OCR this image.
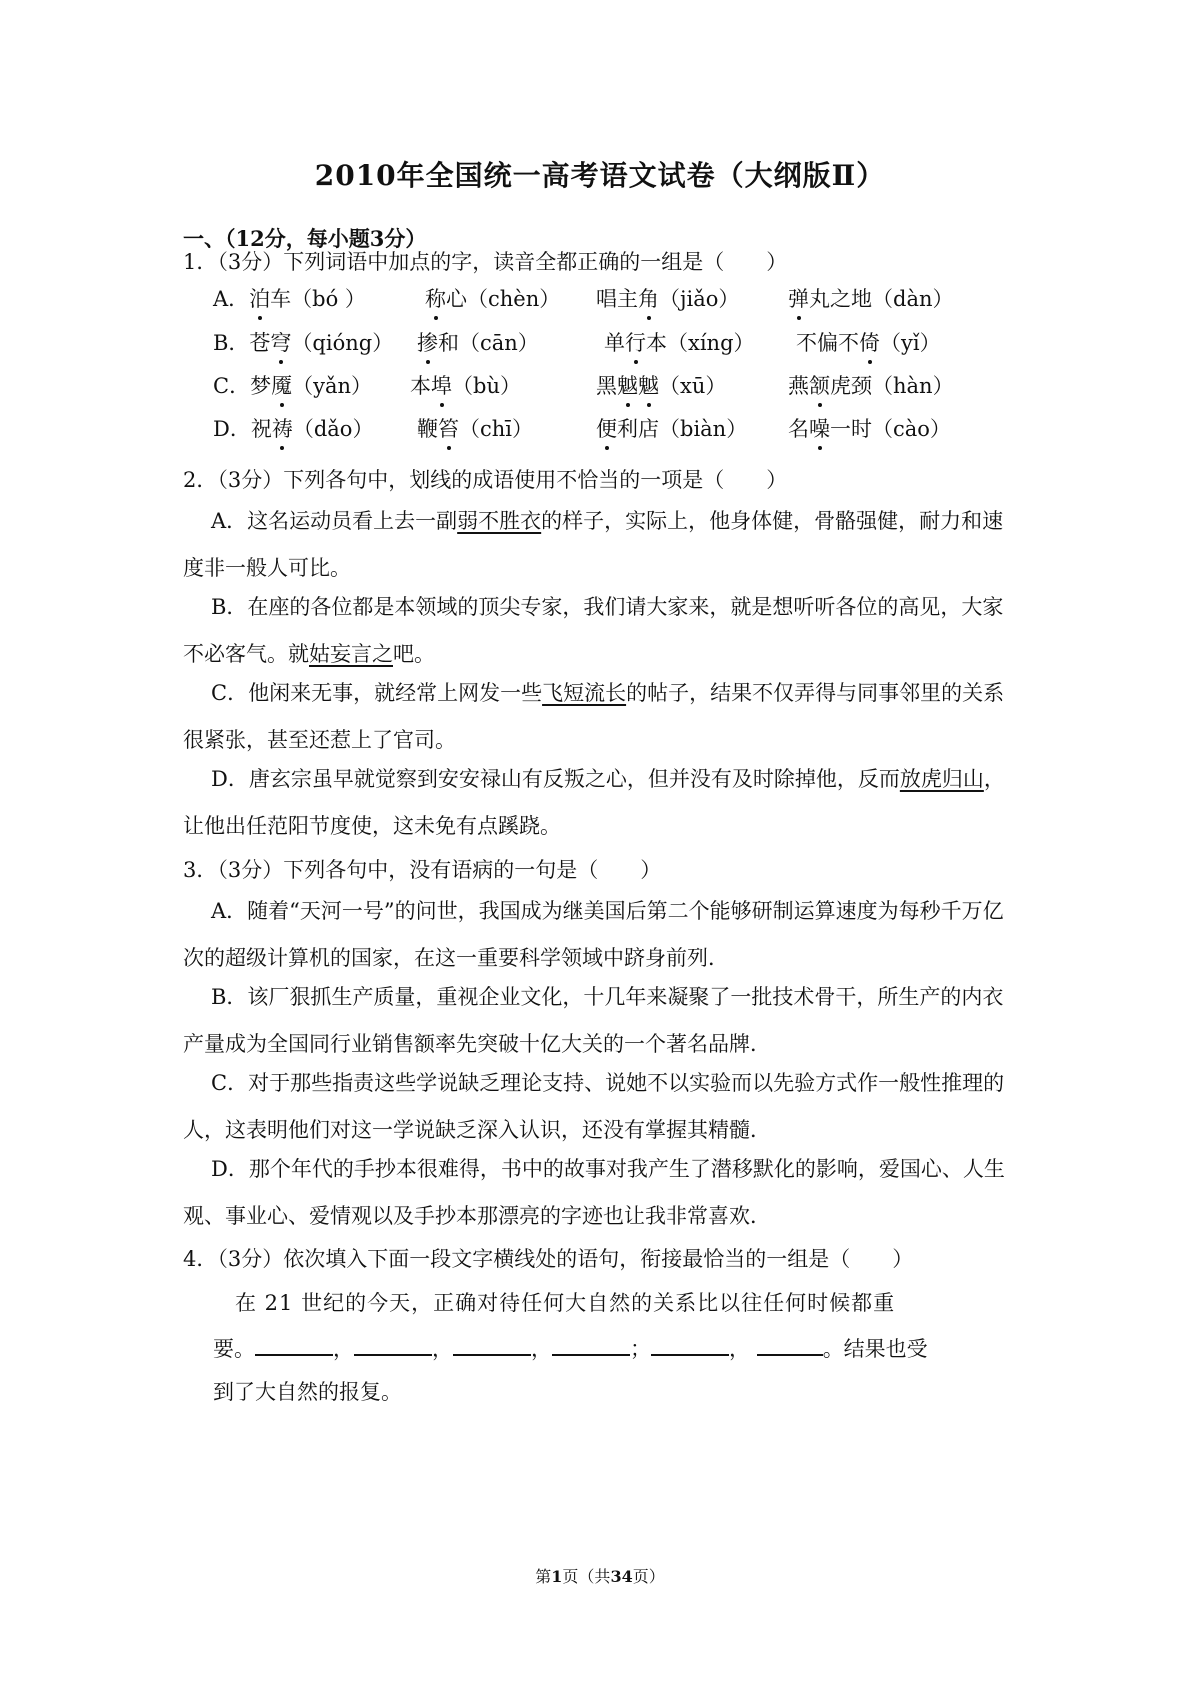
2010年全国统一高考语文试卷（大纲版Ⅱ）
一、（12分，每小题3分）
1．（3分）下列词语中加点的字，读音全都正确的一组是（　　）
A．泊车（bó ）	称心（chèn） 唱主角（jiǎo） 弹丸之地（dàn）
B．苍穹（qióng） 掺和（cān）	单行本（xíng） 不偏不倚（yǐ）
C．梦魇（yǎn） 本埠（bù）	黑魆魆（xū）	燕颔虎颈（hàn）
D．祝祷（dǎo） 鞭笞（chī）	便利店（biàn） 名噪一时（cào）
2．（3分）下列各句中，划线的成语使用不恰当的一项是（　　）
A．这名运动员看上去一副弱不胜衣的样子，实际上，他身体健，骨骼强健，耐力和速度非一般人可比。
B．在座的各位都是本领域的顶尖专家，我们请大家来，就是想听听各位的高见，大家不必客气。就姑妄言之吧。
C．他闲来无事，就经常上网发一些飞短流长的帖子，结果不仅弄得与同事邻里的关系很紧张，甚至还惹上了官司。
D．唐玄宗虽早就觉察到安安禄山有反叛之心，但并没有及时除掉他，反而放虎归山，让他出任范阳节度使，这未免有点蹊跷。
3．（3分）下列各句中，没有语病的一句是（　　）
A．随着“天河一号”的问世，我国成为继美国后第二个能够研制运算速度为每秒千万亿次的超级计算机的国家，在这一重要科学领域中跻身前列．
B．该厂狠抓生产质量，重视企业文化，十几年来凝聚了一批技术骨干，所生产的内衣产量成为全国同行业销售额率先突破十亿大关的一个著名品牌．
C．对于那些指责这些学说缺乏理论支持、说她不以实验而以先验方式作一般性推理的人，这表明他们对这一学说缺乏深入认识，还没有掌握其精髓．
D．那个年代的手抄本很难得，书中的故事对我产生了潜移默化的影响，爱国心、人生观、事业心、爱情观以及手抄本那漂亮的字迹也让我非常喜欢．
4．（3分）依次填入下面一段文字横线处的语句，衔接最恰当的一组是（　　）
在 21 世纪的今天，正确对待任何大自然的关系比以往任何时候都重
要。	，	，	，	；	，	。结果也受
到了大自然的报复。
第1页（共34页）
